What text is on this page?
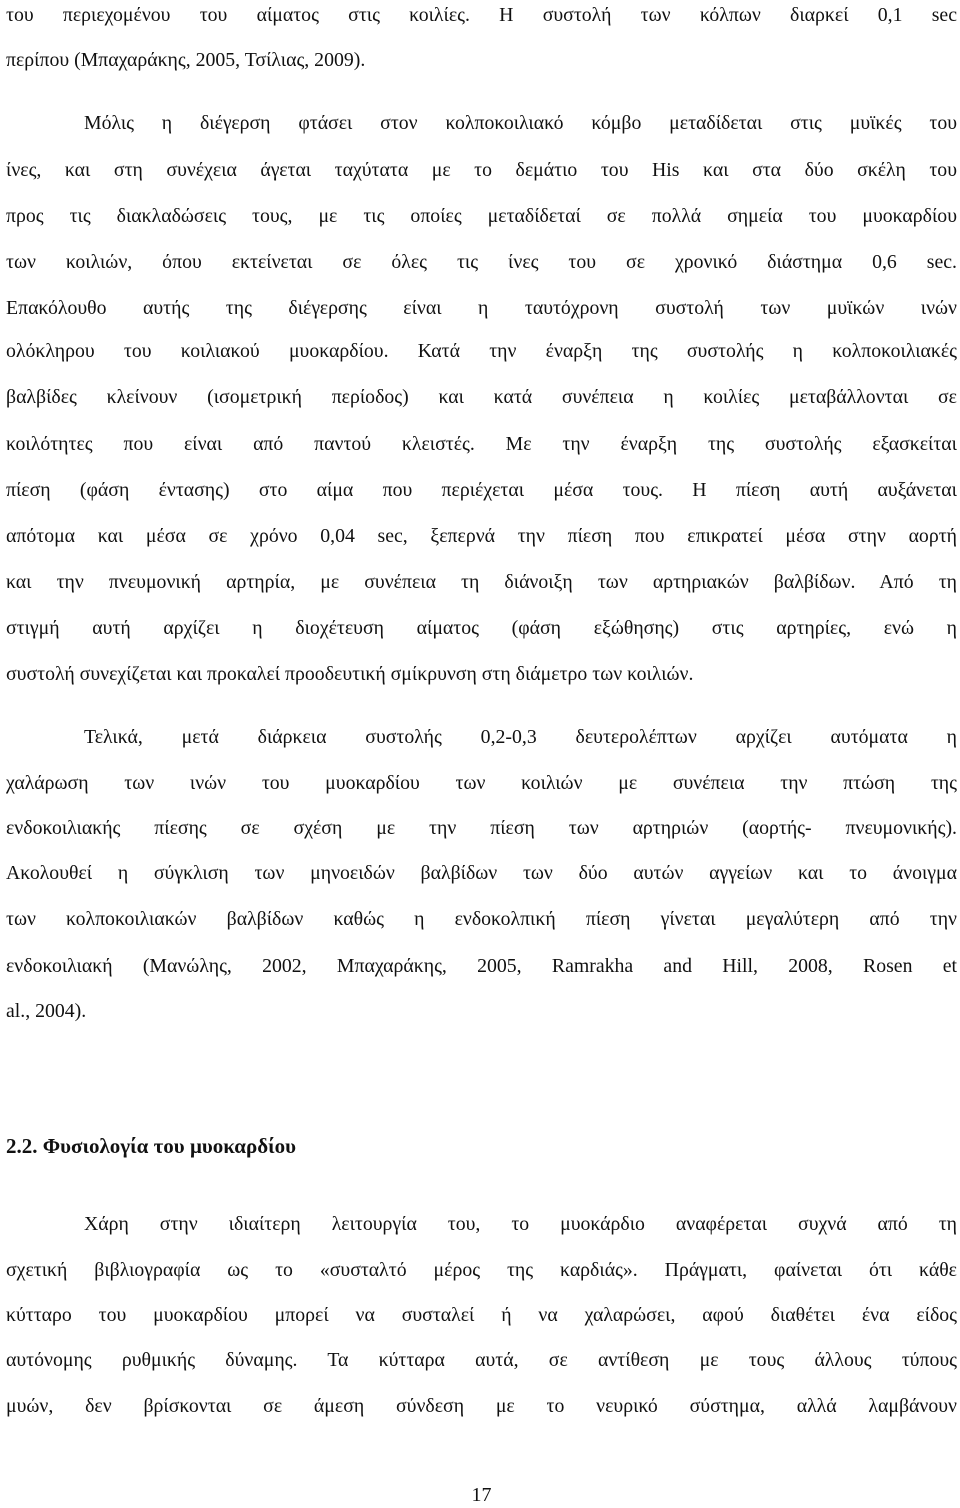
του περιεχομένου του αίματος στις κοιλίες. Η συστολή των κόλπων διαρκεί 0,1 sec
περίπου (Μπαχαράκης, 2005, Τσίλιας, 2009).
Μόλις η διέγερση φτάσει στον κολποκοιλιακό κόμβο μεταδίδεται στις μυϊκές του
ίνες, και στη συνέχεια άγεται ταχύτατα με το δεμάτιο του His και στα δύο σκέλη του
προς τις διακλαδώσεις τους, με τις οποίες μεταδίδεταί σε πολλά σημεία του μυοκαρδίου
των κοιλιών, όπου εκτείνεται σε όλες τις ίνες του σε χρονικό διάστημα 0,6 sec.
Επακόλουθο αυτής της διέγερσης είναι η ταυτόχρονη συστολή των μυϊκών ινών
ολόκληρου του κοιλιακού μυοκαρδίου. Κατά την έναρξη της συστολής η κολποκοιλιακές
βαλβίδες κλείνουν (ισομετρική περίοδος) και κατά συνέπεια η κοιλίες μεταβάλλονται σε
κοιλότητες που είναι από παντού κλειστές. Με την έναρξη της συστολής εξασκείται
πίεση (φάση έντασης) στο αίμα που περιέχεται μέσα τους. Η πίεση αυτή αυξάνεται
απότομα και μέσα σε χρόνο 0,04 sec, ξεπερνά την πίεση που επικρατεί μέσα στην αορτή
και την πνευμονική αρτηρία, με συνέπεια τη διάνοιξη των αρτηριακών βαλβίδων. Από τη
στιγμή αυτή αρχίζει η διοχέτευση αίματος (φάση εξώθησης) στις αρτηρίες, ενώ η
συστολή συνεχίζεται και προκαλεί προοδευτική σμίκρυνση στη διάμετρο των κοιλιών.
Τελικά, μετά διάρκεια συστολής 0,2-0,3 δευτερολέπτων αρχίζει αυτόματα η
χαλάρωση των ινών του μυοκαρδίου των κοιλιών με συνέπεια την πτώση της
ενδοκοιλιακής πίεσης σε σχέση με την πίεση των αρτηριών (αορτής- πνευμονικής).
Ακολουθεί η σύγκλιση των μηνοειδών βαλβίδων των δύο αυτών αγγείων και το άνοιγμα
των κολποκοιλιακών βαλβίδων καθώς η ενδοκολπική πίεση γίνεται μεγαλύτερη από την
ενδοκοιλιακή (Μανώλης, 2002, Μπαχαράκης, 2005, Ramrakha and Hill, 2008, Rosen et
al., 2004).
2.2. Φυσιολογία του μυοκαρδίου
Χάρη στην ιδιαίτερη λειτουργία του, το μυοκάρδιο αναφέρεται συχνά από τη
σχετική βιβλιογραφία ως το «συσταλτό μέρος της καρδιάς». Πράγματι, φαίνεται ότι κάθε
κύτταρο του μυοκαρδίου μπορεί να συσταλεί ή να χαλαρώσει, αφού διαθέτει ένα είδος
αυτόνομης ρυθμικής δύναμης. Τα κύτταρα αυτά, σε αντίθεση με τους άλλους τύπους
μυών, δεν βρίσκονται σε άμεση σύνδεση με το νευρικό σύστημα, αλλά λαμβάνουν
17
